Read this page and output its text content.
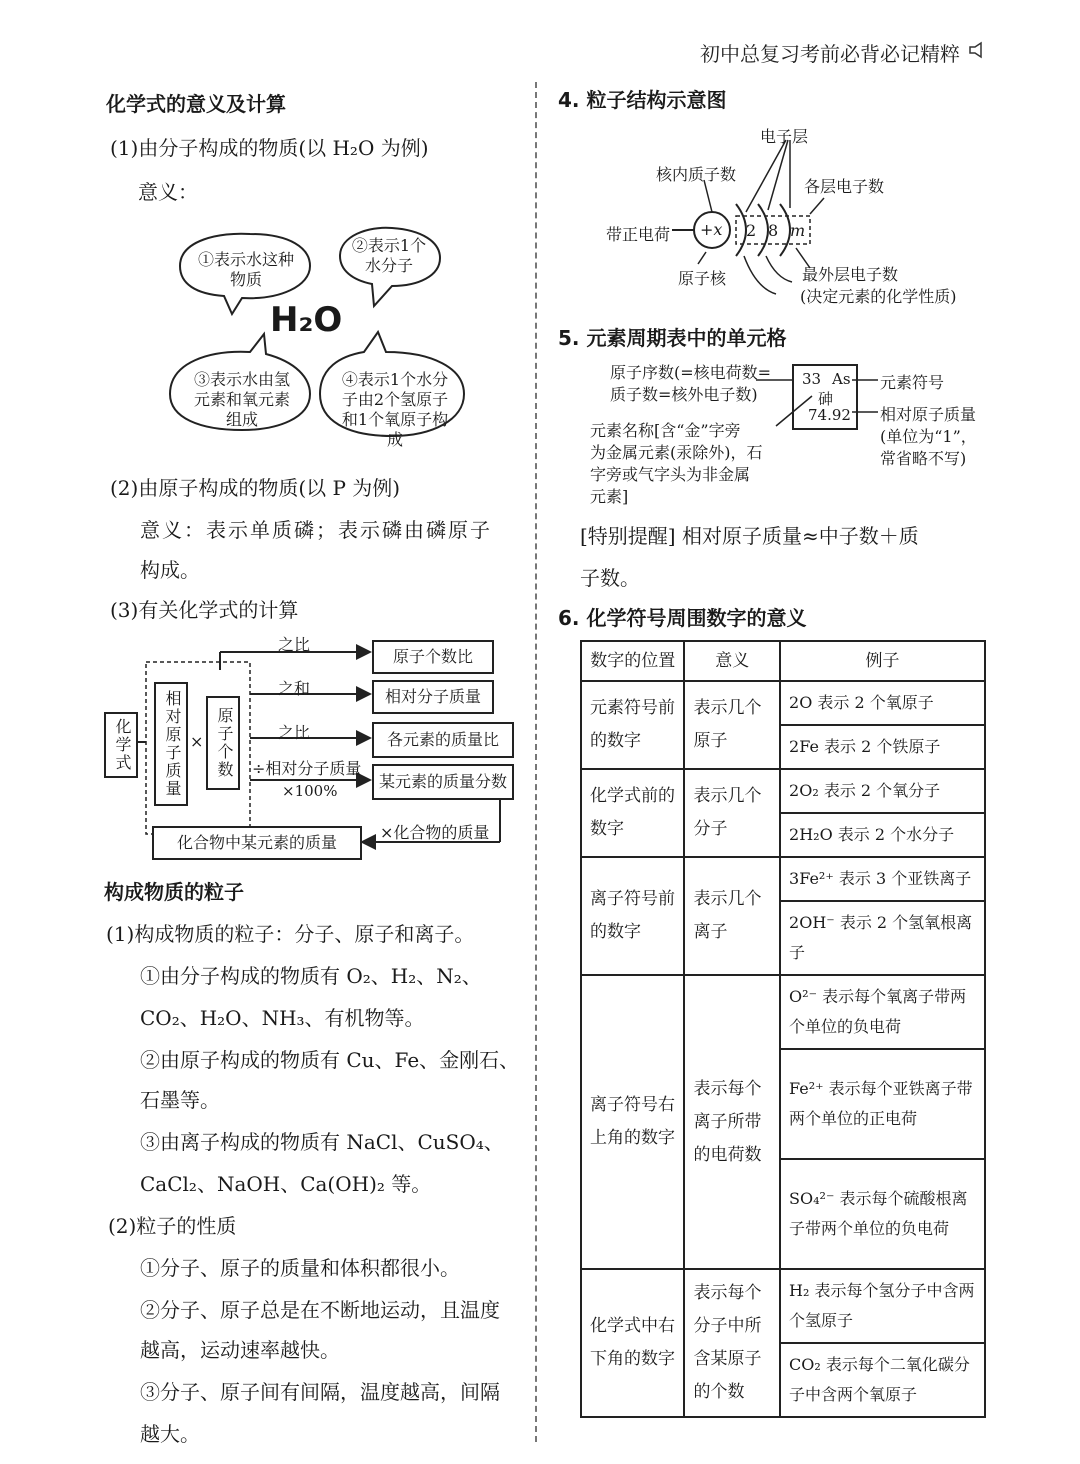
初中总复习考前必背必记精粹
化学式的意义及计算
(1)由分子构成的物质(以 H₂O 为例)
意义：
①表示水这种物质
②表示1个水分子
H₂O
③表示水由氢元素和氧元素组成
④表示1个水分子由2个氢原子和1个氧原子构成
(2)由原子构成的物质(以 P 为例)
意义：表示单质磷；表示磷由磷原子
构成。
(3)有关化学式的计算
化学式	相对原子质量 × 原子个数
之比
之和
之比
÷相对分子质量
×100%
×化合物的质量
原子个数比
相对分子质量
各元素的质量比
某元素的质量分数
化合物中某元素的质量
构成物质的粒子
(1)构成物质的粒子：分子、原子和离子。
①由分子构成的物质有 O₂、H₂、N₂、
CO₂、H₂O、NH₃、有机物等。
②由原子构成的物质有 Cu、Fe、金刚石、
石墨等。
③由离子构成的物质有 NaCl、CuSO₄、
CaCl₂、NaOH、Ca(OH)₂ 等。
(2)粒子的性质
①分子、原子的质量和体积都很小。
②分子、原子总是在不断地运动，且温度
越高，运动速率越快。
③分子、原子间有间隔，温度越高，间隔
越大。
4. 粒子结构示意图
电子层
核内质子数
各层电子数
带正电荷 +x 2 8 m
原子核	最外层电子数
(决定元素的化学性质)
5. 元素周期表中的单元格
原子序数(=核电荷数=
质子数=核外电子数)
33 As
砷
74.92
元素符号
相对原子质量
(单位为“1”，
常省略不写)
元素名称[含“金”字旁
为金属元素(汞除外)，石
字旁或气字头为非金属
元素]
[特别提醒] 相对原子质量≈中子数＋质
子数。
6. 化学符号周围数字的意义
数字的位置	意义	例子
元素符号前的数字	表示几个原子	2O 表示 2 个氧原子
		2Fe 表示 2 个铁原子
化学式前的数字	表示几个分子	2O₂ 表示 2 个氧分子
		2H₂O 表示 2 个水分子
离子符号前的数字	表示几个离子	3Fe²⁺ 表示 3 个亚铁离子
		2OH⁻ 表示 2 个氢氧根离子
离子符号右上角的数字	表示每个离子所带的电荷数	O²⁻ 表示每个氧离子带两个单位的负电荷
		Fe²⁺ 表示每个亚铁离子带两个单位的正电荷
		SO₄²⁻ 表示每个硫酸根离子带两个单位的负电荷
化学式中右下角的数字	表示每个分子中所含某原子的个数	H₂ 表示每个氢分子中含两个氢原子
		CO₂ 表示每个二氧化碳分子中含两个氧原子
